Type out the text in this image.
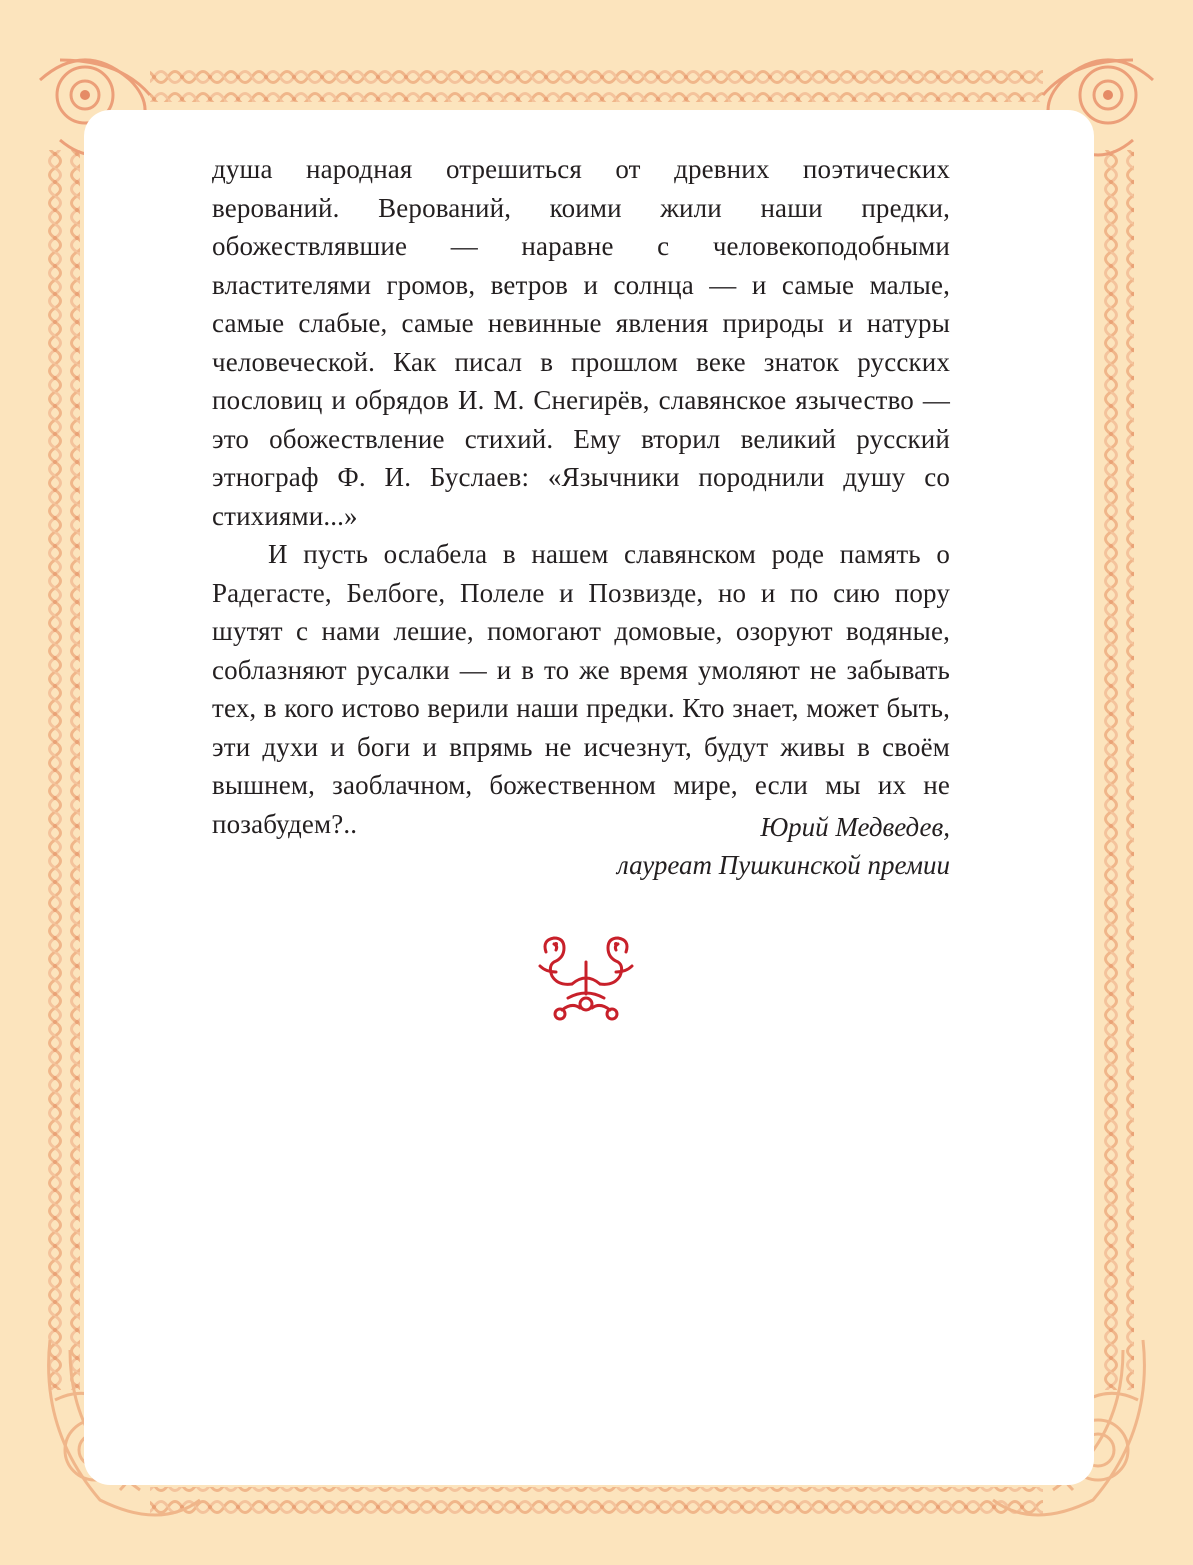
душа народная отрешиться от древних поэтических верований. Верований, коими жили наши предки, обожествлявшие — наравне с человекоподобными властителями громов, ветров и солнца — и самые малые, самые слабые, самые невинные явления природы и натуры человеческой. Как писал в прошлом веке знаток русских пословиц и обрядов И. М. Снегирёв, славянское язычество — это обожествление стихий. Ему вторил великий русский этнограф Ф. И. Буслаев: «Язычники породнили душу со стихиями...»

И пусть ослабела в нашем славянском роде память о Радегасте, Белбоге, Полеле и Позвизде, но и по сию пору шутят с нами лешие, помогают домовые, озоруют водяные, соблазняют русалки — и в то же время умоляют не забывать тех, в кого истово верили наши предки. Кто знает, может быть, эти духи и боги и впрямь не исчезнут, будут живы в своём вышнем, заоблачном, божественном мире, если мы их не позабудем?..	Юрий Медведев,
лауреат Пушкинской премии
